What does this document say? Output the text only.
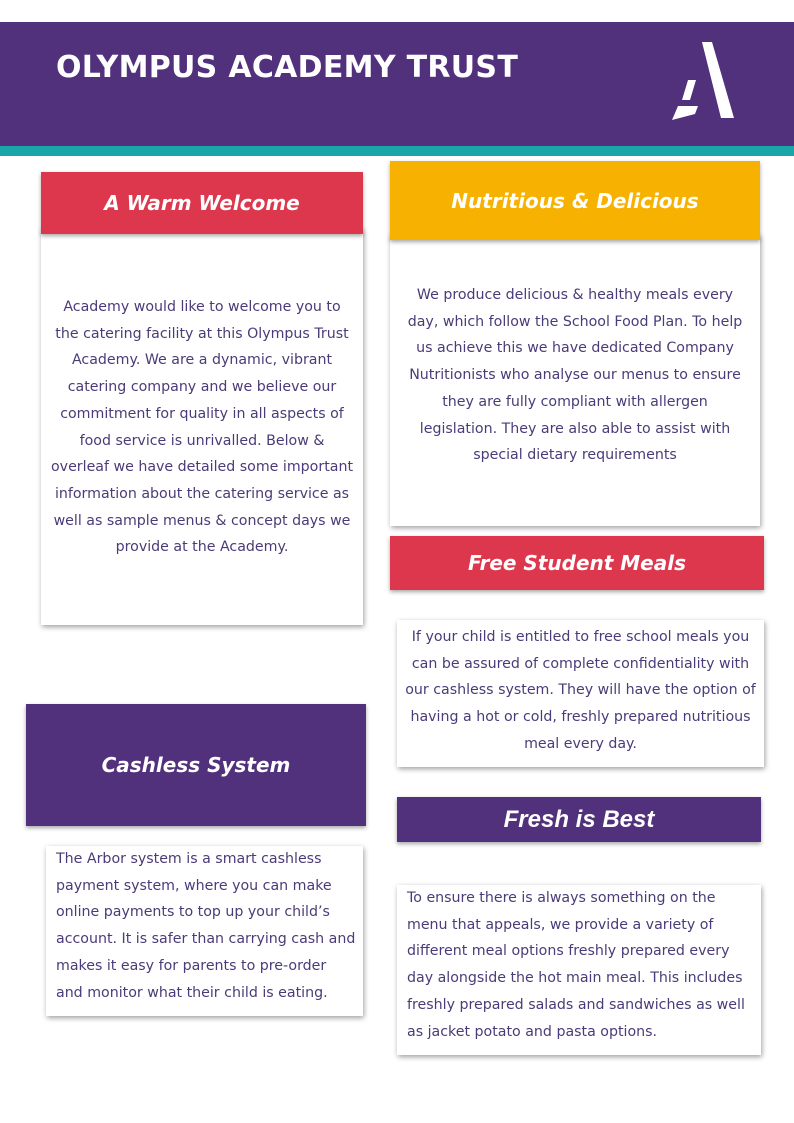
OLYMPUS ACADEMY TRUST
Academy would like to welcome you to the catering facility at this Olympus Trust Academy. We are a dynamic, vibrant catering company and we believe our commitment for quality in all aspects of food service is unrivalled. Below & overleaf we have detailed some important information about the catering service as well as sample menus & concept days we provide at the Academy.
A Warm Welcome
We produce delicious & healthy meals every day, which follow the School Food Plan. To help us achieve this we have dedicated Company Nutritionists who analyse our menus to ensure they are fully compliant with allergen legislation. They are also able to assist with special dietary requirements
Nutritious & Delicious
If your child is entitled to free school meals you can be assured of complete confidentiality with our cashless system. They will have the option of having a hot or cold, freshly prepared nutritious meal every day.
Free Student Meals
The Arbor system is a smart cashless payment system, where you can make online payments to top up your child’s account. It is safer than carrying cash and makes it easy for parents to pre-order and monitor what their child is eating.
Cashless System
To ensure there is always something on the menu that appeals, we provide a variety of different meal options freshly prepared every day alongside the hot main meal. This includes freshly prepared salads and sandwiches as well as jacket potato and pasta options.
Fresh is Best
